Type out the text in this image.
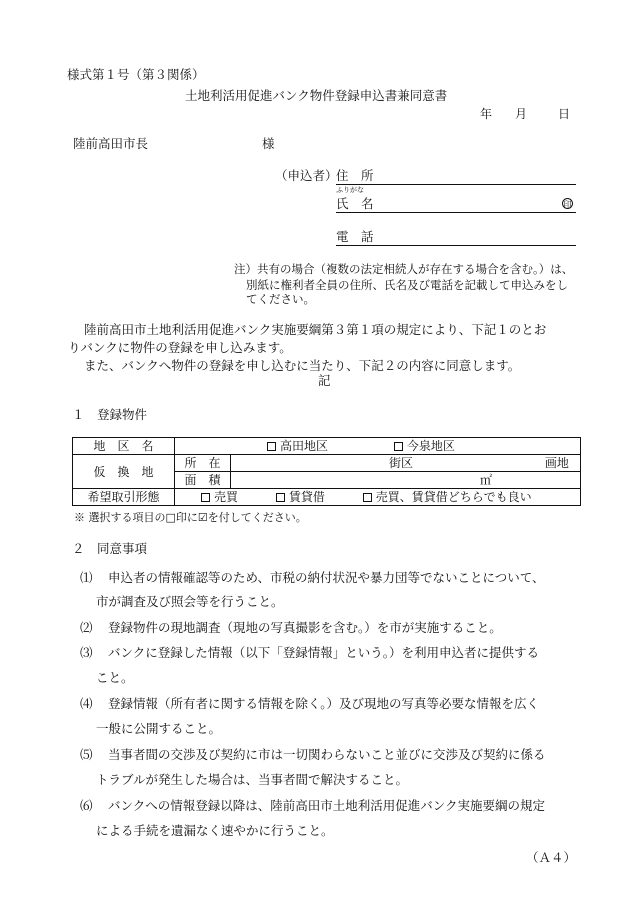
様式第１号（第３関係）
土地利活用促進バンク物件登録申込書兼同意書
年 月	日
陸前高田市長	様
（申込者）
住　所
ふりがな
氏　名	印
電　話
注）共有の場合（複数の法定相続人が存在する場合を含む。）は、
別紙に権利者全員の住所、氏名及び電話を記載して申込みをし
てください。
陸前高田市土地利活用促進バンク実施要綱第３第１項の規定により、下記１のとお
りバンクに物件の登録を申し込みます。
また、バンクへ物件の登録を申し込むに当たり、下記２の内容に同意します。
記
１　登録物件
地　区　名	高田地区 今泉地区	
仮　換　地	所　在	街区 画地
	面　積	㎡
希望取引形態	売買 賃貸借 売買、賃貸借どちらでも良い	
※ 選択する項目の□印に☑を付してください。
２　同意事項
⑴ 申込者の情報確認等のため、市税の納付状況や暴力団等でないことについて、
市が調査及び照会等を行うこと。
⑵ 登録物件の現地調査（現地の写真撮影を含む。）を市が実施すること。
⑶ バンクに登録した情報（以下「登録情報」という。）を利用申込者に提供する
こと。
⑷ 登録情報（所有者に関する情報を除く。）及び現地の写真等必要な情報を広く
一般に公開すること。
⑸ 当事者間の交渉及び契約に市は一切関わらないこと並びに交渉及び契約に係る
トラブルが発生した場合は、当事者間で解決すること。
⑹ バンクへの情報登録以降は、陸前高田市土地利活用促進バンク実施要綱の規定
による手続を遺漏なく速やかに行うこと。
（Ａ４）
